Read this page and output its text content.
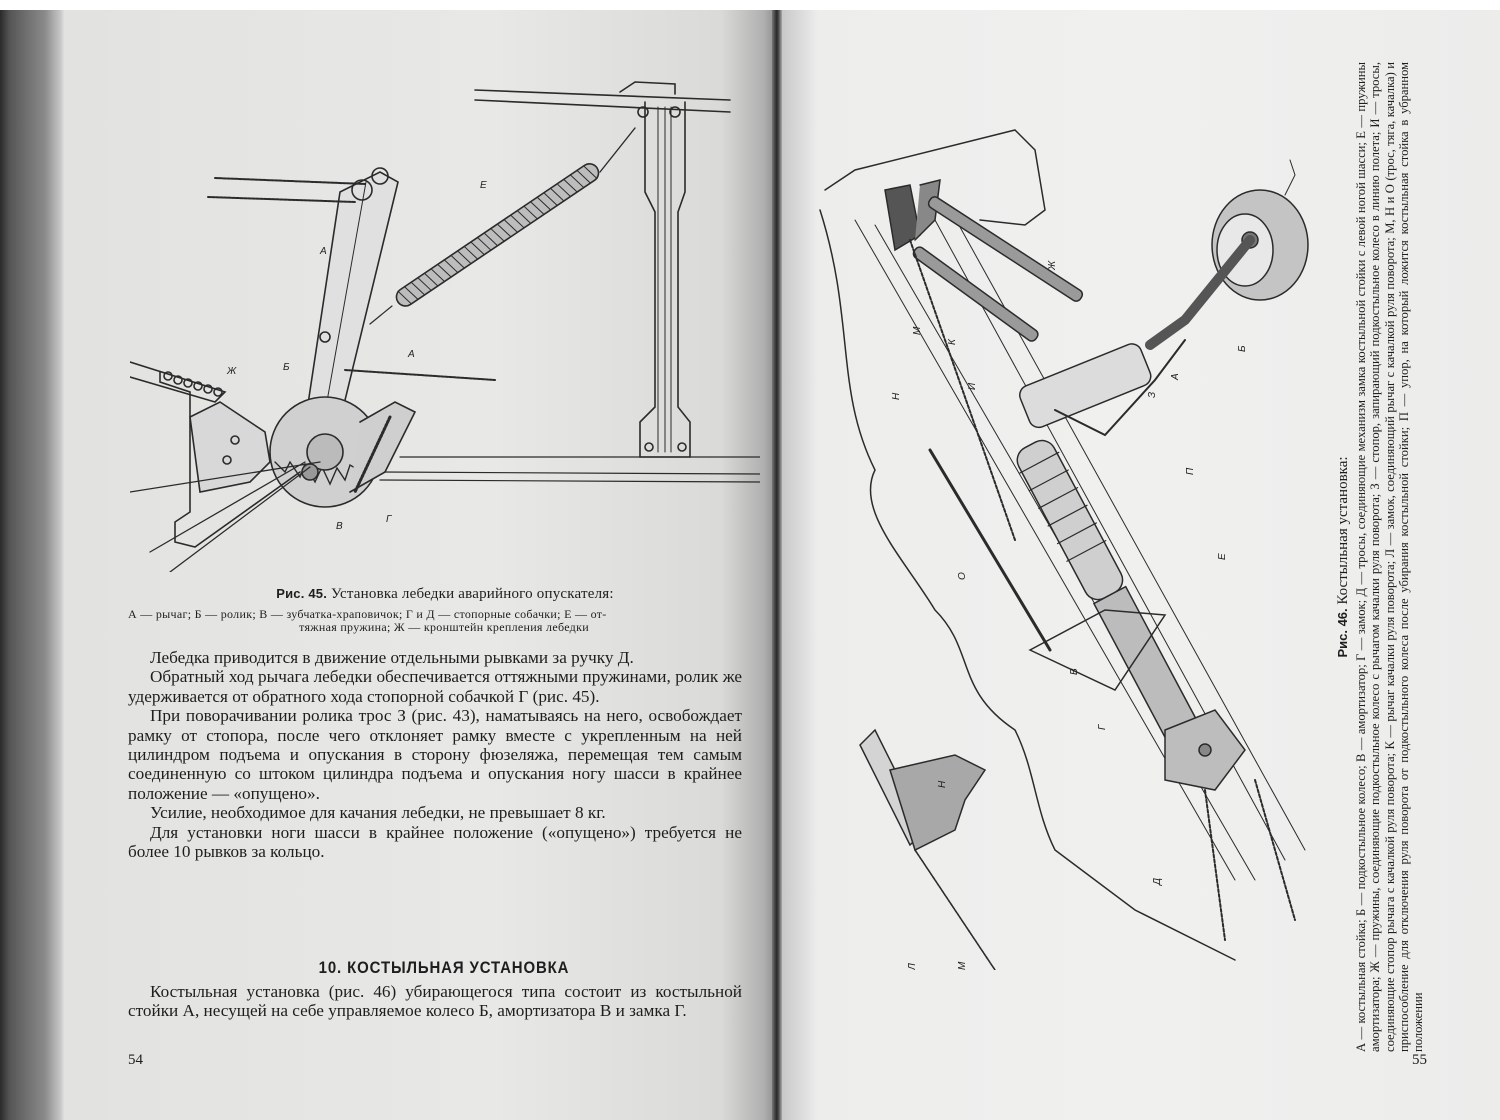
А
Е
Ж	Б
А
В
Г
Рис. 45. Установка лебедки аварийного опускателя:
А — рычаг; Б — ролик; В — зубчатка-храповичок; Г и Д — стопорные собачки; Е — от-
тяжная пружина; Ж — кронштейн крепления лебедки

Лебедка приводится в движение отдельными рывками за ручку Д.

Обратный ход рычага лебедки обеспечивается оттяжными пружинами, ролик же удерживается от обратного хода стопорной собачкой Г (рис. 45).

При поворачивании ролика трос З (рис. 43), наматываясь на него, освобождает рамку от стопора, после чего отклоняет рамку вместе с укрепленным на ней цилиндром подъема и опускания в сторону фюзеляжа, перемещая тем самым соединенную со штоком цилиндра подъема и опускания ногу шасси в крайнее положение — «опущено».

Усилие, необходимое для качания лебедки, не превышает 8 кг.

Для установки ноги шасси в крайнее положение («опущено») требуется не более 10 рывков за кольцо.

10. КОСТЫЛЬНАЯ УСТАНОВКА

Костыльная установка (рис. 46) убирающегося типа состоит из костыльной стойки А, несущей на себе управляемое колесо Б, амортизатора В и замка Г.

54
Ж
М
К
И
Б
А
З
Н
П
О
Е
В
Г
Д
Н
Л	М
Рис. 46. Костыльная установка: А — костыльная стойка; Б — подкостыльное колесо; В — амортизатор; Г — замок; Д — тросы, соединяющие механизм замка костыльной стойки с левой ногой шасси; Е — пружины амортизатора; Ж — пружины, соединяющие подкостыльное колесо с рычагом качалки руля поворота; З — стопор, запирающий подкостыльное колесо в линию полета; И — тросы, соединяющие стопор рычага с качалкой руля поворота; К — рычаг качалки руля поворота; Л — замок, соединяющий рычаг с качалкой руля поворота; М, Н и О (трос, тяга, качалка) и приспособление для отключения руля поворота от подкостыльного колеса после убирания костыльной стойки; П — упор, на который ложится костыльная стойка в убранном положении
55
